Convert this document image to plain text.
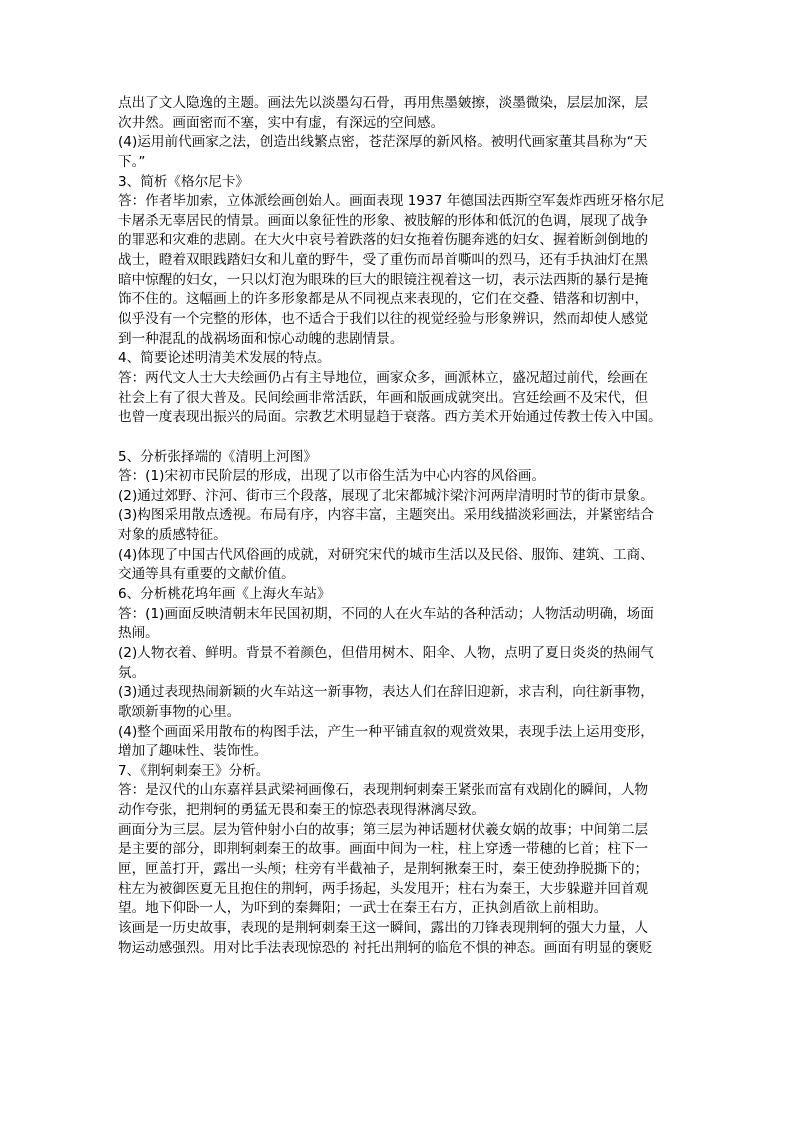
点出了文人隐逸的主题。画法先以淡墨勾石骨，再用焦墨皴擦，淡墨微染，层层加深，层
次井然。画面密而不塞，实中有虚，有深远的空间感。
(4)运用前代画家之法，创造出线繁点密，苍茫深厚的新风格。被明代画家董其昌称为“天
下。”
3、简析《格尔尼卡》
答：作者毕加索，立体派绘画创始人。画面表现 1937 年德国法西斯空军轰炸西班牙格尔尼
卡屠杀无辜居民的情景。画面以象征性的形象、被肢解的形体和低沉的色调，展现了战争
的罪恶和灾难的悲剧。在大火中哀号着跌落的妇女拖着伤腿奔逃的妇女、握着断剑倒地的
战士，瞪着双眼践踏妇女和儿童的野牛，受了重伤而昂首嘶叫的烈马，还有手执油灯在黑
暗中惊醒的妇女，一只以灯泡为眼珠的巨大的眼镜注视着这一切，表示法西斯的暴行是掩
饰不住的。这幅画上的许多形象都是从不同视点来表现的，它们在交叠、错落和切割中，
似乎没有一个完整的形体，也不适合于我们以往的视觉经验与形象辨识，然而却使人感觉
到一种混乱的战祸场面和惊心动魄的悲剧情景。
4、简要论述明清美术发展的特点。
答：两代文人士大夫绘画仍占有主导地位，画家众多，画派林立，盛况超过前代，绘画在
社会上有了很大普及。民间绘画非常活跃，年画和版画成就突出。宫廷绘画不及宋代，但
也曾一度表现出振兴的局面。宗教艺术明显趋于衰落。西方美术开始通过传教士传入中国。
5、分析张择端的《清明上河图》
答：(1)宋初市民阶层的形成，出现了以市俗生活为中心内容的风俗画。
(2)通过郊野、汴河、街市三个段落，展现了北宋都城汴梁汴河两岸清明时节的街市景象。
(3)构图采用散点透视。布局有序，内容丰富，主题突出。采用线描淡彩画法，并紧密结合
对象的质感特征。
(4)体现了中国古代风俗画的成就，对研究宋代的城市生活以及民俗、服饰、建筑、工商、
交通等具有重要的文献价值。
6、分析桃花坞年画《上海火车站》
答：(1)画面反映清朝末年民国初期，不同的人在火车站的各种活动；人物活动明确，场面
热闹。
(2)人物衣着、鲜明。背景不着颜色，但借用树木、阳伞、人物，点明了夏日炎炎的热闹气
氛。
(3)通过表现热闹新颖的火车站这一新事物，表达人们在辞旧迎新，求吉利，向往新事物，
歌颂新事物的心里。
(4)整个画面采用散布的构图手法，产生一种平铺直叙的观赏效果，表现手法上运用变形，
增加了趣味性、装饰性。
7、《荆轲刺秦王》分析。
答：是汉代的山东嘉祥县武梁祠画像石，表现荆轲刺秦王紧张而富有戏剧化的瞬间，人物
动作夸张，把荆轲的勇猛无畏和秦王的惊恐表现得淋漓尽致。
画面分为三层。层为管仲射小白的故事；第三层为神话题材伏羲女娲的故事；中间第二层
是主要的部分，即荆轲刺秦王的故事。画面中间为一柱，柱上穿透一带穗的匕首；柱下一
匣，匣盖打开，露出一头颅；柱旁有半截袖子，是荆轲揪秦王时，秦王使劲挣脱撕下的；
柱左为被御医夏无且抱住的荆轲，两手扬起，头发甩开；柱右为秦王，大步躲避并回首观
望。地下仰卧一人，为吓到的秦舞阳；一武士在秦王右方，正执剑盾欲上前相助。
该画是一历史故事，表现的是荆轲刺秦王这一瞬间，露出的刀锋表现荆轲的强大力量，人
物运动感强烈。用对比手法表现惊恐的 衬托出荆轲的临危不惧的神态。画面有明显的褒贬
